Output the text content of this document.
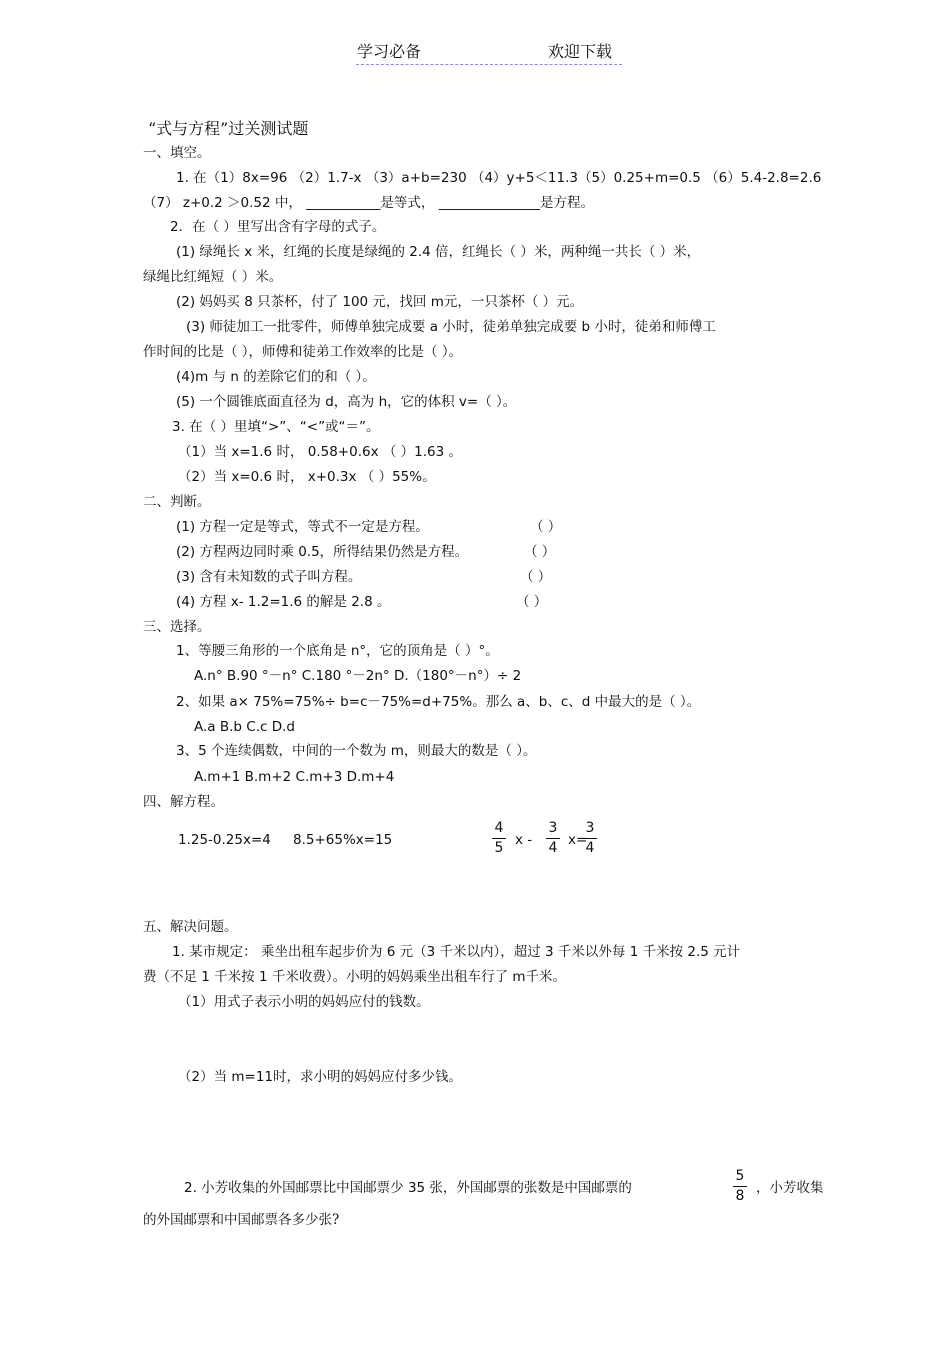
学习必备	欢迎下载
“式与方程”过关测试题
一、填空。
1. 在（1）8x=96 （2）1.7-x （3）a+b=230 （4）y+5＜11.3（5）0.25+m=0.5 （6）5.4-2.8=2.6
（7） z+0.2 ＞0.52 中， ___________是等式， _______________是方程。
2．在（ ）里写出含有字母的式子。
(1) 绿绳长 x 米，红绳的长度是绿绳的 2.4 倍，红绳长（ ）米，两种绳一共长（ ）米，
绿绳比红绳短（ ）米。
(2) 妈妈买 8 只茶杯，付了 100 元，找回 m元，一只茶杯（ ）元。
(3) 师徒加工一批零件，师傅单独完成要 a 小时，徒弟单独完成要 b 小时，徒弟和师傅工
作时间的比是（ ），师傅和徒弟工作效率的比是（ ）。
(4)m 与 n 的差除它们的和（ ）。
(5) 一个圆锥底面直径为 d，高为 h，它的体积 v=（ ）。
3. 在（ ）里填“>”、“<”或“＝”。
（1）当 x=1.6 时， 0.58+0.6x （ ）1.63 。
（2）当 x=0.6 时， x+0.3x （ ）55%。
二、判断。
(1) 方程一定是等式，等式不一定是方程。	（ ）
(2) 方程两边同时乘 0.5，所得结果仍然是方程。	（ ）
(3) 含有未知数的式子叫方程。	（ ）
(4) 方程 x- 1.2=1.6 的解是 2.8 。	（ ）
三、选择。
1、等腰三角形的一个底角是 n°，它的顶角是（ ）°。
A.n° B.90 °－n° C.180 °－2n° D.（180°－n°）÷ 2
2、如果 a× 75%=75%÷ b=c－75%=d+75%。那么 a、b、c、d 中最大的是（ ）。
A.a B.b C.c D.d
3、5 个连续偶数，中间的一个数为 m，则最大的数是（ ）。
A.m+1 B.m+2 C.m+3 D.m+4
四、解方程。
1.25-0.25x=4 8.5+65%x=15
4
5 x -
3
4 x=
3
4
五、解决问题。
1. 某市规定： 乘坐出租车起步价为 6 元（3 千米以内），超过 3 千米以外每 1 千米按 2.5 元计
费（不足 1 千米按 1 千米收费）。小明的妈妈乘坐出租车行了 m千米。
（1）用式子表示小明的妈妈应付的钱数。
（2）当 m=11时，求小明的妈妈应付多少钱。
2. 小芳收集的外国邮票比中国邮票少 35 张，外国邮票的张数是中国邮票的
5
8 ，小芳收集
的外国邮票和中国邮票各多少张?
